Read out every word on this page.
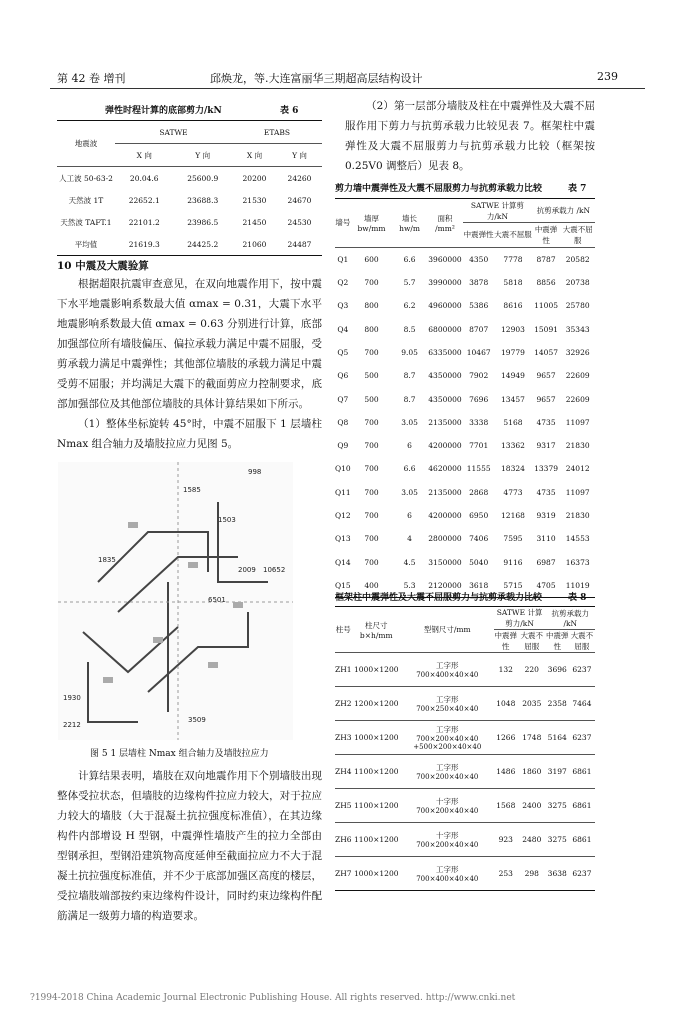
第 42 卷 增刊	邱焕龙，等.大连富丽华三期超高层结构设计	239
弹性时程计算的底部剪力/kN	表 6
地震波	SATWE		ETABS	
	X 向	Y 向	X 向	Y 向
人工波 50-63-2	20.04.6	25600.9	20200	24260
天然波 1T	22652.1	23688.3	21530	24670
天然波 TAFT.1	22101.2	23986.5	21450	24530
平均值	21619.3	24425.2	21060	24487
10 中震及大震验算
根据超限抗震审查意见，在双向地震作用下，按中震下水平地震影响系数最大值 αmax = 0.31，大震下水平地震影响系数最大值 αmax = 0.63 分别进行计算，底部加强部位所有墙肢偏压、偏拉承载力满足中震不屈服，受剪承载力满足中震弹性；其他部位墙肢的承载力满足中震受剪不屈服；并均满足大震下的截面剪应力控制要求，底部加强部位及其他部位墙肢的具体计算结果如下所示。
（1）整体坐标旋转 45°时，中震不屈服下 1 层墙柱 Nmax 组合轴力及墙肢拉应力见图 5。
998
1585
1835
1503
2009 10652
6501
1930
2212
3509
图 5 1 层墙柱 Nmax 组合轴力及墙肢拉应力
计算结果表明，墙肢在双向地震作用下个别墙肢出现整体受拉状态，但墙肢的边缘构件拉应力较大，对于拉应力较大的墙肢（大于混凝土抗拉强度标准值），在其边缘构件内部增设 H 型钢，中震弹性墙肢产生的拉力全部由型钢承担，型钢沿建筑物高度延伸至截面拉应力不大于混凝土抗拉强度标准值，并不少于底部加强区高度的楼层，受拉墙肢端部按约束边缘构件设计，同时约束边缘构件配筋满足一级剪力墙的构造要求。
（2）第一层部分墙肢及柱在中震弹性及大震不屈服作用下剪力与抗剪承载力比较见表 7。框架柱中震弹性及大震不屈服剪力与抗剪承载力比较（框架按 0.25V0 调整后）见表 8。
剪力墙中震弹性及大震不屈服剪力与抗剪承载力比较	表 7
墙号	墙厚 bw/mm	墙长 hw/m	面积 /mm²	SATWE 计算剪力/kN		抗剪承载力 /kN	
				中震弹性	大震不屈服	中震弹性	大震不屈服
Q1	600	6.6	3960000	4350	7778	8787	20582
Q2	700	5.7	3990000	3878	5818	8856	20738
Q3	800	6.2	4960000	5386	8616	11005	25780
Q4	800	8.5	6800000	8707	12903	15091	35343
Q5	700	9.05	6335000	10467	19779	14057	32926
Q6	500	8.7	4350000	7902	14949	9657	22609
Q7	500	8.7	4350000	7696	13457	9657	22609
Q8	700	3.05	2135000	3338	5168	4735	11097
Q9	700	6	4200000	7701	13362	9317	21830
Q10	700	6.6	4620000	11555	18324	13379	24012
Q11	700	3.05	2135000	2868	4773	4735	11097
Q12	700	6	4200000	6950	12168	9319	21830
Q13	700	4	2800000	7406	7595	3110	14553
Q14	700	4.5	3150000	5040	9116	6987	16373
Q15	400	5.3	2120000	3618	5715	4705	11019
框架柱中震弹性及大震不屈服剪力与抗剪承载力比较	表 8
柱号	柱尺寸 b×h/mm	型钢尺寸/mm	SATWE 计算剪力/kN		抗剪承载力 /kN	
			中震弹性	大震不屈服	中震弹性	大震不屈服
ZH1	1000×1200	工字形
700×400×40×40	132	220	3696	6237
ZH2	1200×1200	工字形
700×250×40×40	1048	2035	2358	7464
ZH3	1000×1200	工字形
700×200×40×40 +500×200×40×40	1266	1748	5164	6237
ZH4	1100×1200	工字形
700×200×40×40	1486	1860	3197	6861
ZH5	1100×1200	十字形
700×200×40×40	1568	2400	3275	6861
ZH6	1100×1200	十字形
700×200×40×40	923	2480	3275	6861
ZH7	1000×1200	工字形
700×400×40×40	253	298	3638	6237
?1994-2018 China Academic Journal Electronic Publishing House. All rights reserved. http://www.cnki.net
